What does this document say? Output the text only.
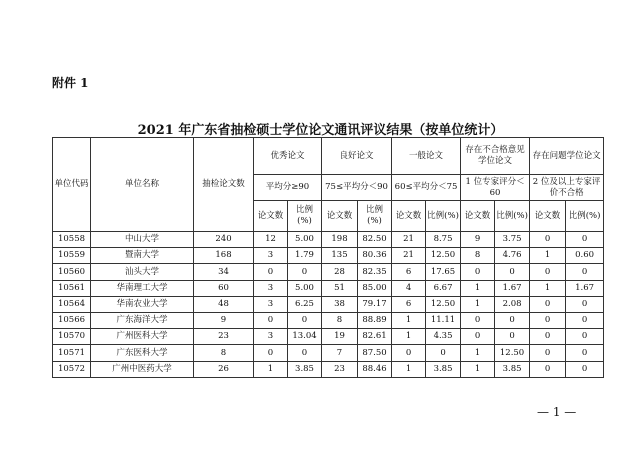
附件 1
2021 年广东省抽检硕士学位论文通讯评议结果（按单位统计）
单位代码	单位名称	抽检论文数	优秀论文		良好论文		一般论文		存在不合格意见学位论文		存在问题学位论文	
			平均分≥90		75≤平均分＜90		60≤平均分＜75		1 位专家评分＜60		2 位及以上专家评价不合格	
			论文数	比例(%)	论文数	比例(%)	论文数	比例(%)	论文数	比例(%)	论文数	比例(%)
10558	中山大学	240	12	5.00	198	82.50	21	8.75	9	3.75	0	0
10559	暨南大学	168	3	1.79	135	80.36	21	12.50	8	4.76	1	0.60
10560	汕头大学	34	0	0	28	82.35	6	17.65	0	0	0	0
10561	华南理工大学	60	3	5.00	51	85.00	4	6.67	1	1.67	1	1.67
10564	华南农业大学	48	3	6.25	38	79.17	6	12.50	1	2.08	0	0
10566	广东海洋大学	9	0	0	8	88.89	1	11.11	0	0	0	0
10570	广州医科大学	23	3	13.04	19	82.61	1	4.35	0	0	0	0
10571	广东医科大学	8	0	0	7	87.50	0	0	1	12.50	0	0
10572	广州中医药大学	26	1	3.85	23	88.46	1	3.85	1	3.85	0	0
— 1 —
